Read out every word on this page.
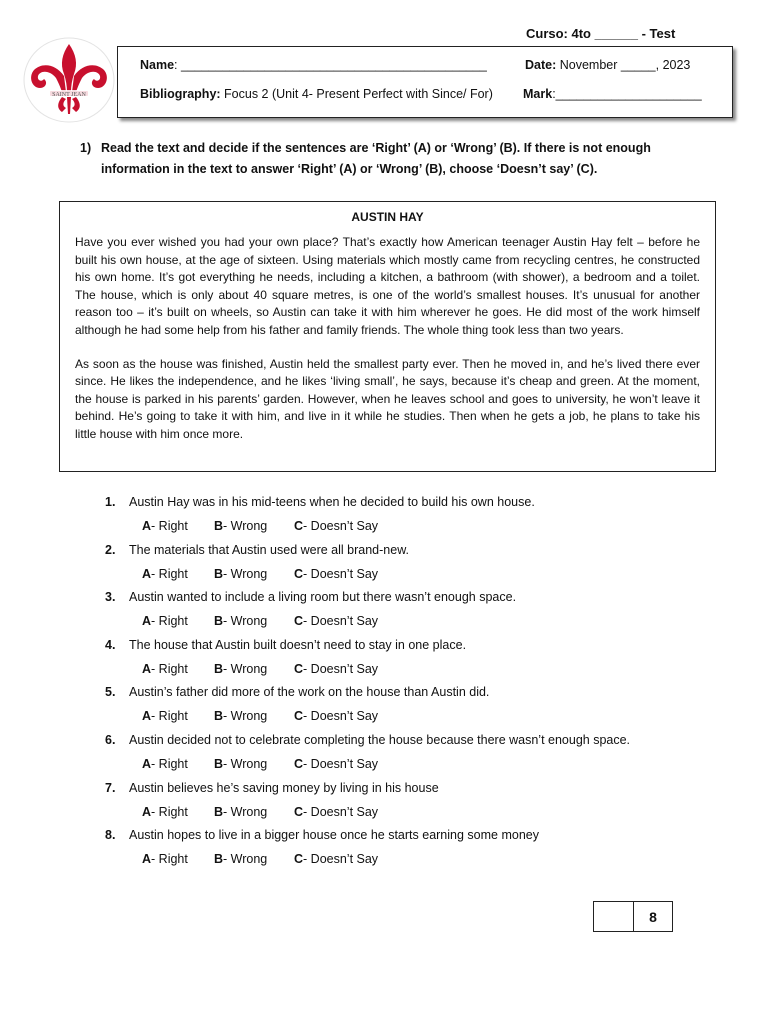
Curso: 4to ______ - Test
SAINT JEAN
Name: ____________________________________________	Date: November _____, 2023
Bibliography: Focus 2 (Unit 4- Present Perfect with Since/ For) Mark:_____________________
1) Read the text and decide if the sentences are ‘Right’ (A) or ‘Wrong’ (B). If there is not enough information in the text to answer ‘Right’ (A) or ‘Wrong’ (B), choose ‘Doesn’t say’ (C).
AUSTIN HAY

Have you ever wished you had your own place? That’s exactly how American teenager Austin Hay felt – before he built his own house, at the age of sixteen. Using materials which mostly came from recycling centres, he constructed his own home. It’s got everything he needs, including a kitchen, a bathroom (with shower), a bedroom and a toilet. The house, which is only about 40 square metres, is one of the world’s smallest houses. It’s unusual for another reason too – it’s built on wheels, so Austin can take it with him wherever he goes. He did most of the work himself although he had some help from his father and family friends. The whole thing took less than two years.

As soon as the house was finished, Austin held the smallest party ever. Then he moved in, and he’s lived there ever since. He likes the independence, and he likes ‘living small’, he says, because it’s cheap and green. At the moment, the house is parked in his parents’ garden. However, when he leaves school and goes to university, he won’t leave it behind. He’s going to take it with him, and live in it while he studies. Then when he gets a job, he plans to take his little house with him once more.

1. Austin Hay was in his mid-teens when he decided to build his own house.
A- Right B- Wrong C- Doesn’t Say
2. The materials that Austin used were all brand-new.
A- Right B- Wrong C- Doesn’t Say
3. Austin wanted to include a living room but there wasn’t enough space.
A- Right B- Wrong C- Doesn’t Say
4. The house that Austin built doesn’t need to stay in one place.
A- Right B- Wrong C- Doesn’t Say
5. Austin’s father did more of the work on the house than Austin did.
A- Right B- Wrong C- Doesn’t Say
6. Austin decided not to celebrate completing the house because there wasn’t enough space.
A- Right B- Wrong C- Doesn’t Say
7. Austin believes he’s saving money by living in his house
A- Right B- Wrong C- Doesn’t Say
8. Austin hopes to live in a bigger house once he starts earning some money
A- Right B- Wrong C- Doesn’t Say
8
